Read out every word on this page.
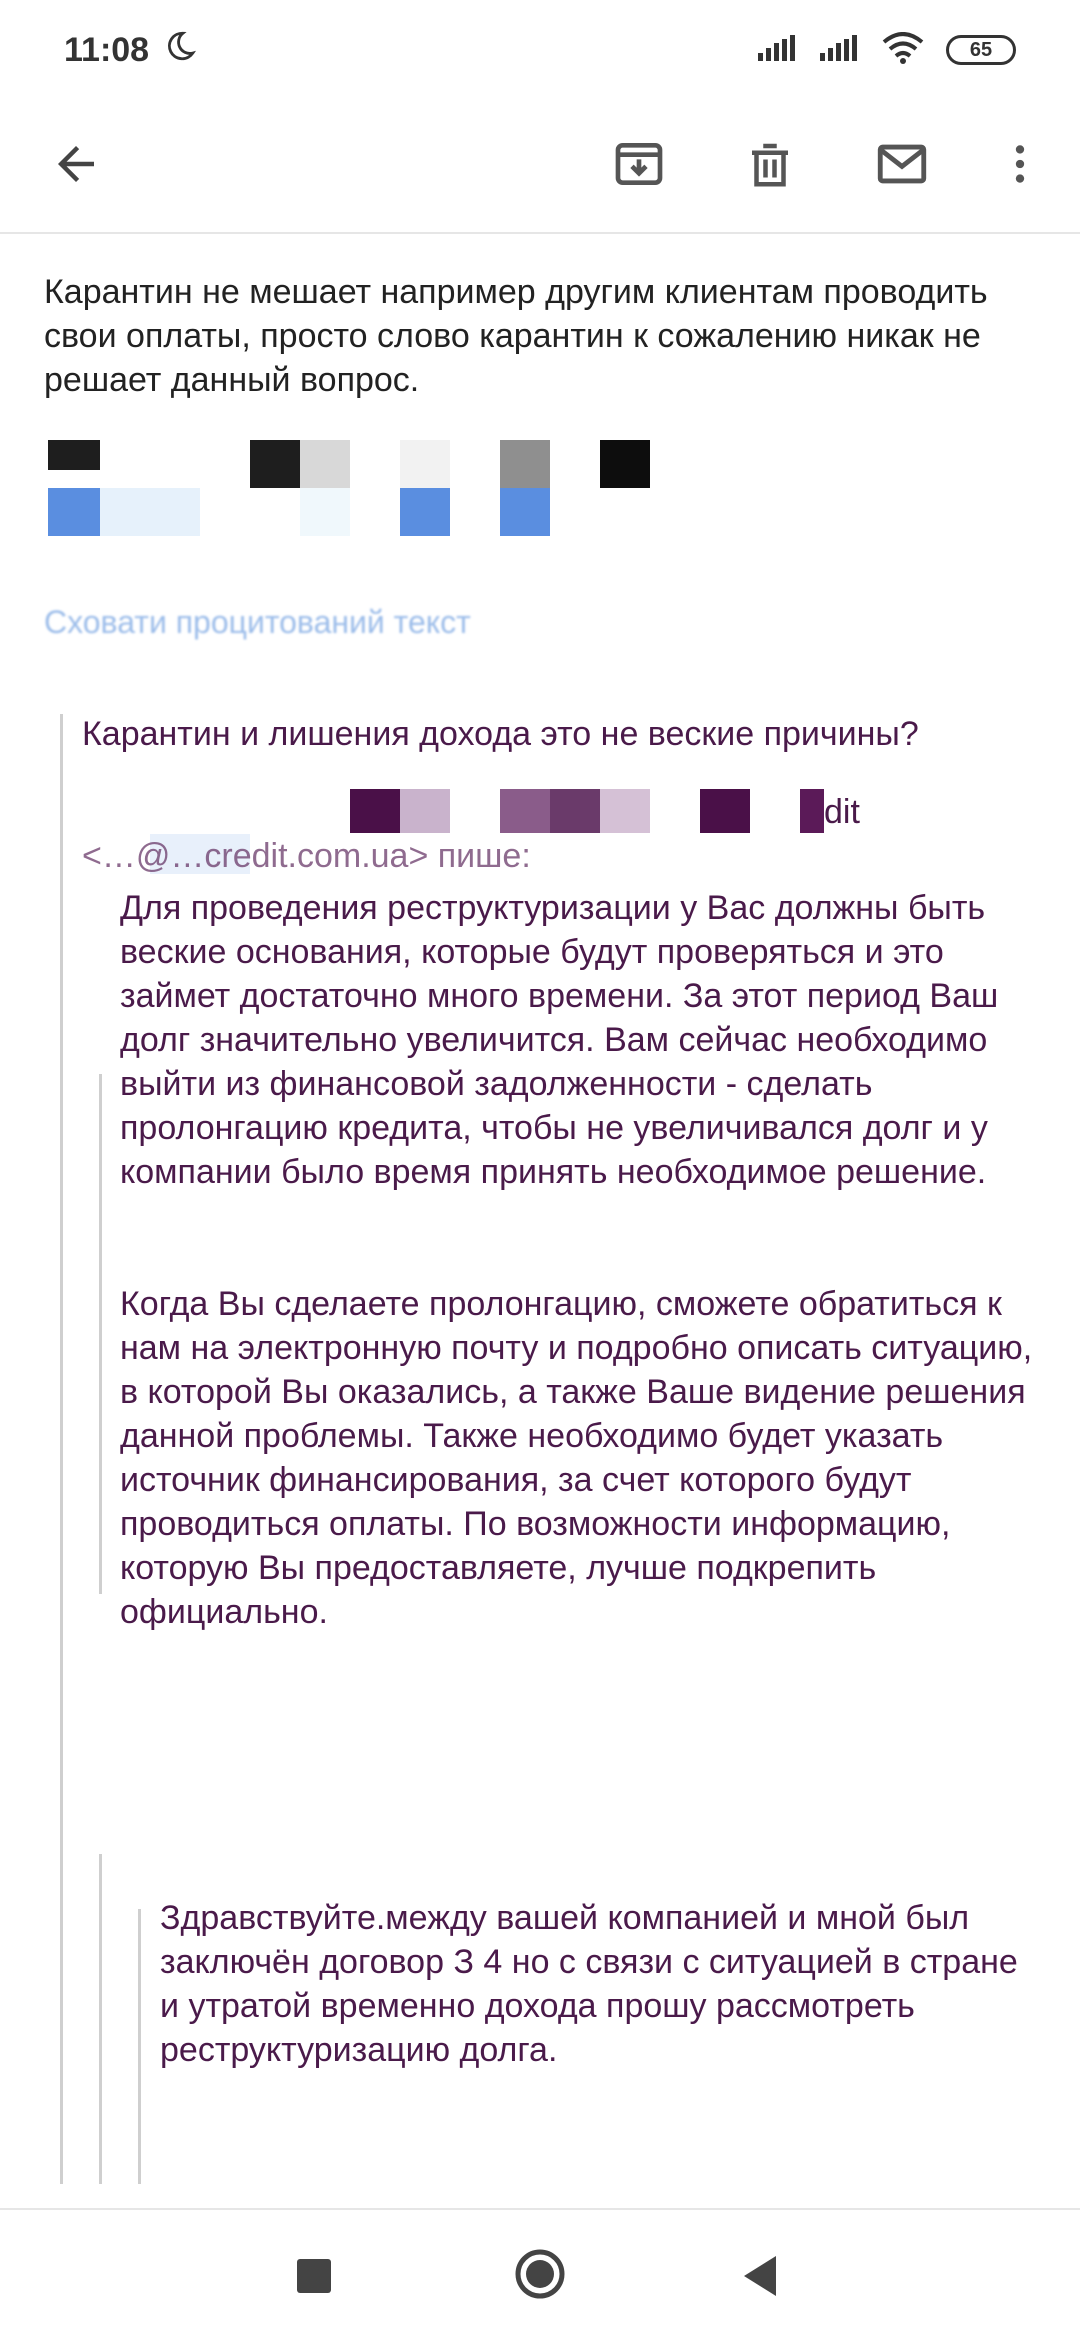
11:08	65
Карантин не мешает например другим клиентам проводить свои оплаты, просто слово карантин к сожалению никак не решает данный вопрос.
Сховати процитований текст
Карантин и лишения дохода это не веские причины?
dit
<…@…credit.com.ua> пише:
Для проведения реструктуризации у Вас должны быть веские основания, которые будут проверяться и это займет достаточно много времени. За этот период Ваш долг значительно увеличится. Вам сейчас необходимо выйти из финансовой задолженности - сделать пролонгацию кредита, чтобы не увеличивался долг и у компании было время принять необходимое решение.
Когда Вы сделаете пролонгацию, сможете обратиться к нам на электронную почту и подробно описать ситуацию, в которой Вы оказались, а также Ваше видение решения данной проблемы. Также необходимо будет указать источник финансирования, за счет которого будут проводиться оплаты. По возможности информацию, которую Вы предоставляете, лучше подкрепить официально.
Здравствуйте.между вашей компанией и мной был заключён договор З 4 но с связи с ситуацией в стране и утратой временно дохода прошу рассмотреть реструктуризацию долга.
